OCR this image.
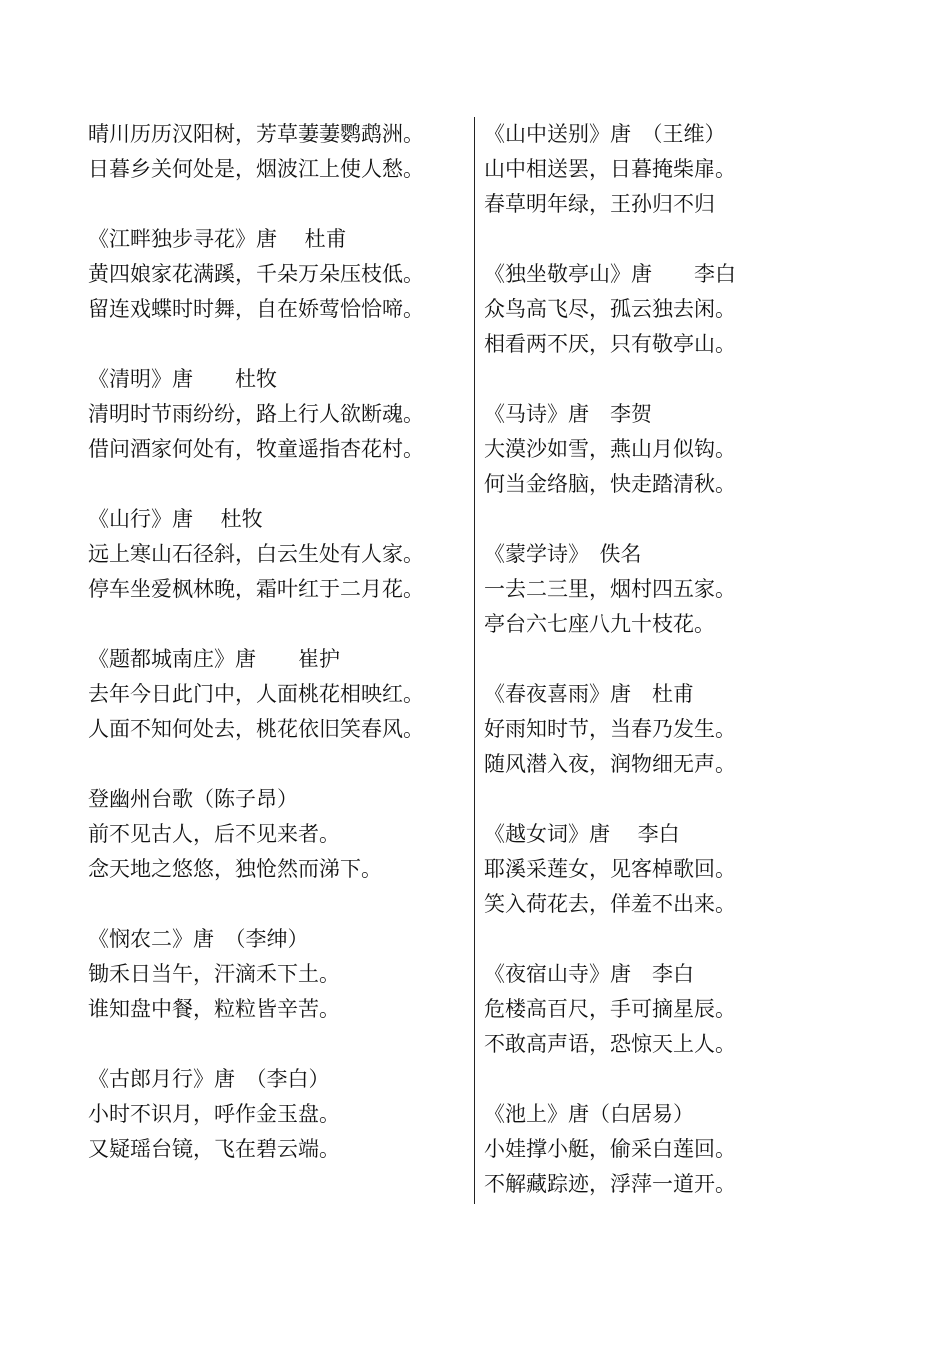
晴川历历汉阳树，芳草萋萋鹦鹉洲。
日暮乡关何处是，烟波江上使人愁。
《江畔独步寻花》唐　 杜甫
黄四娘家花满蹊，千朵万朵压枝低。
留连戏蝶时时舞，自在娇莺恰恰啼。
《清明》唐　　杜牧
清明时节雨纷纷，路上行人欲断魂。
借问酒家何处有，牧童遥指杏花村。
《山行》唐　 杜牧
远上寒山石径斜，白云生处有人家。
停车坐爱枫林晚，霜叶红于二月花。
《题都城南庄》唐　　崔护
去年今日此门中，人面桃花相映红。
人面不知何处去，桃花依旧笑春风。
登幽州台歌（陈子昂）
前不见古人，后不见来者。
念天地之悠悠，独怆然而涕下。
《悯农二》唐　（李绅）
锄禾日当午，汗滴禾下土。
谁知盘中餐，粒粒皆辛苦。
《古郎月行》唐　（李白）
小时不识月，呼作金玉盘。
又疑瑶台镜，飞在碧云端。
《山中送别》唐　（王维）
山中相送罢，日暮掩柴扉。
春草明年绿，王孙归不归
《独坐敬亭山》唐　　李白
众鸟高飞尽，孤云独去闲。
相看两不厌，只有敬亭山。
《马诗》唐　李贺
大漠沙如雪，燕山月似钩。
何当金络脑，快走踏清秋。
《蒙学诗》　佚名
一去二三里，烟村四五家。
亭台六七座八九十枝花。
《春夜喜雨》唐　杜甫
好雨知时节，当春乃发生。
随风潜入夜，润物细无声。
《越女词》唐　 李白
耶溪采莲女，见客棹歌回。
笑入荷花去，佯羞不出来。
《夜宿山寺》唐　李白
危楼高百尺，手可摘星辰。
不敢高声语，恐惊天上人。
《池上》唐（白居易）
小娃撑小艇，偷采白莲回。
不解藏踪迹，浮萍一道开。
